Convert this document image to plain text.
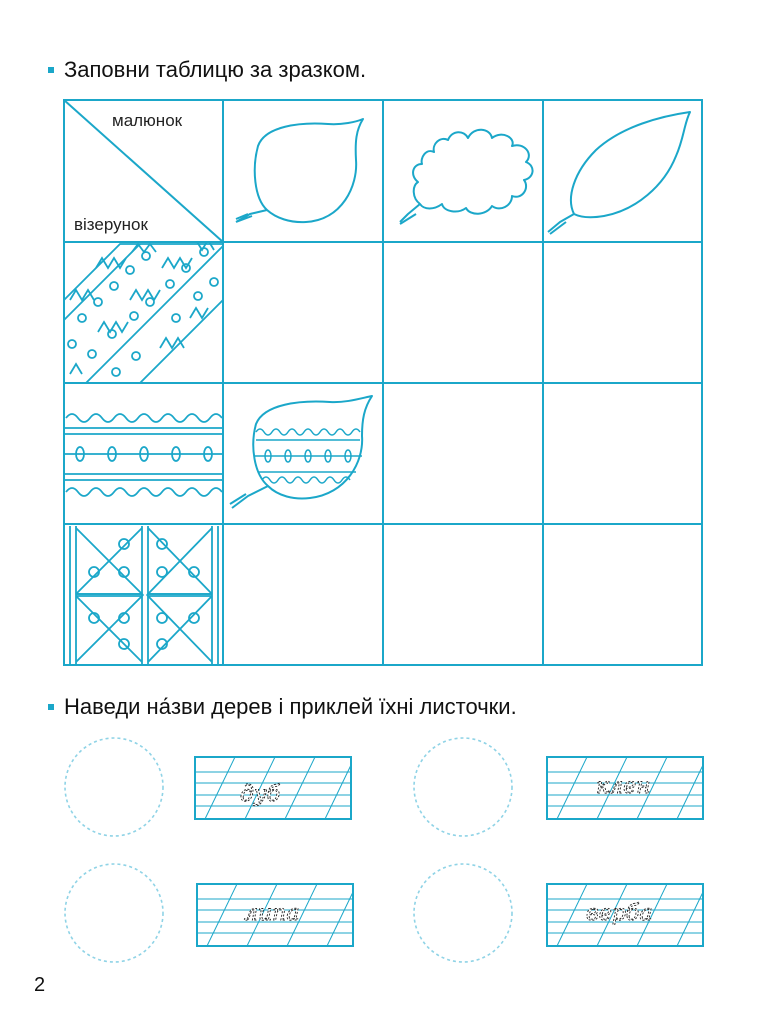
Заповни таблицю за зразком.
малюнок
візерунок
дуб	клен
липа	верба
Наведи на́зви дерев і приклей їхні листочки.
2
